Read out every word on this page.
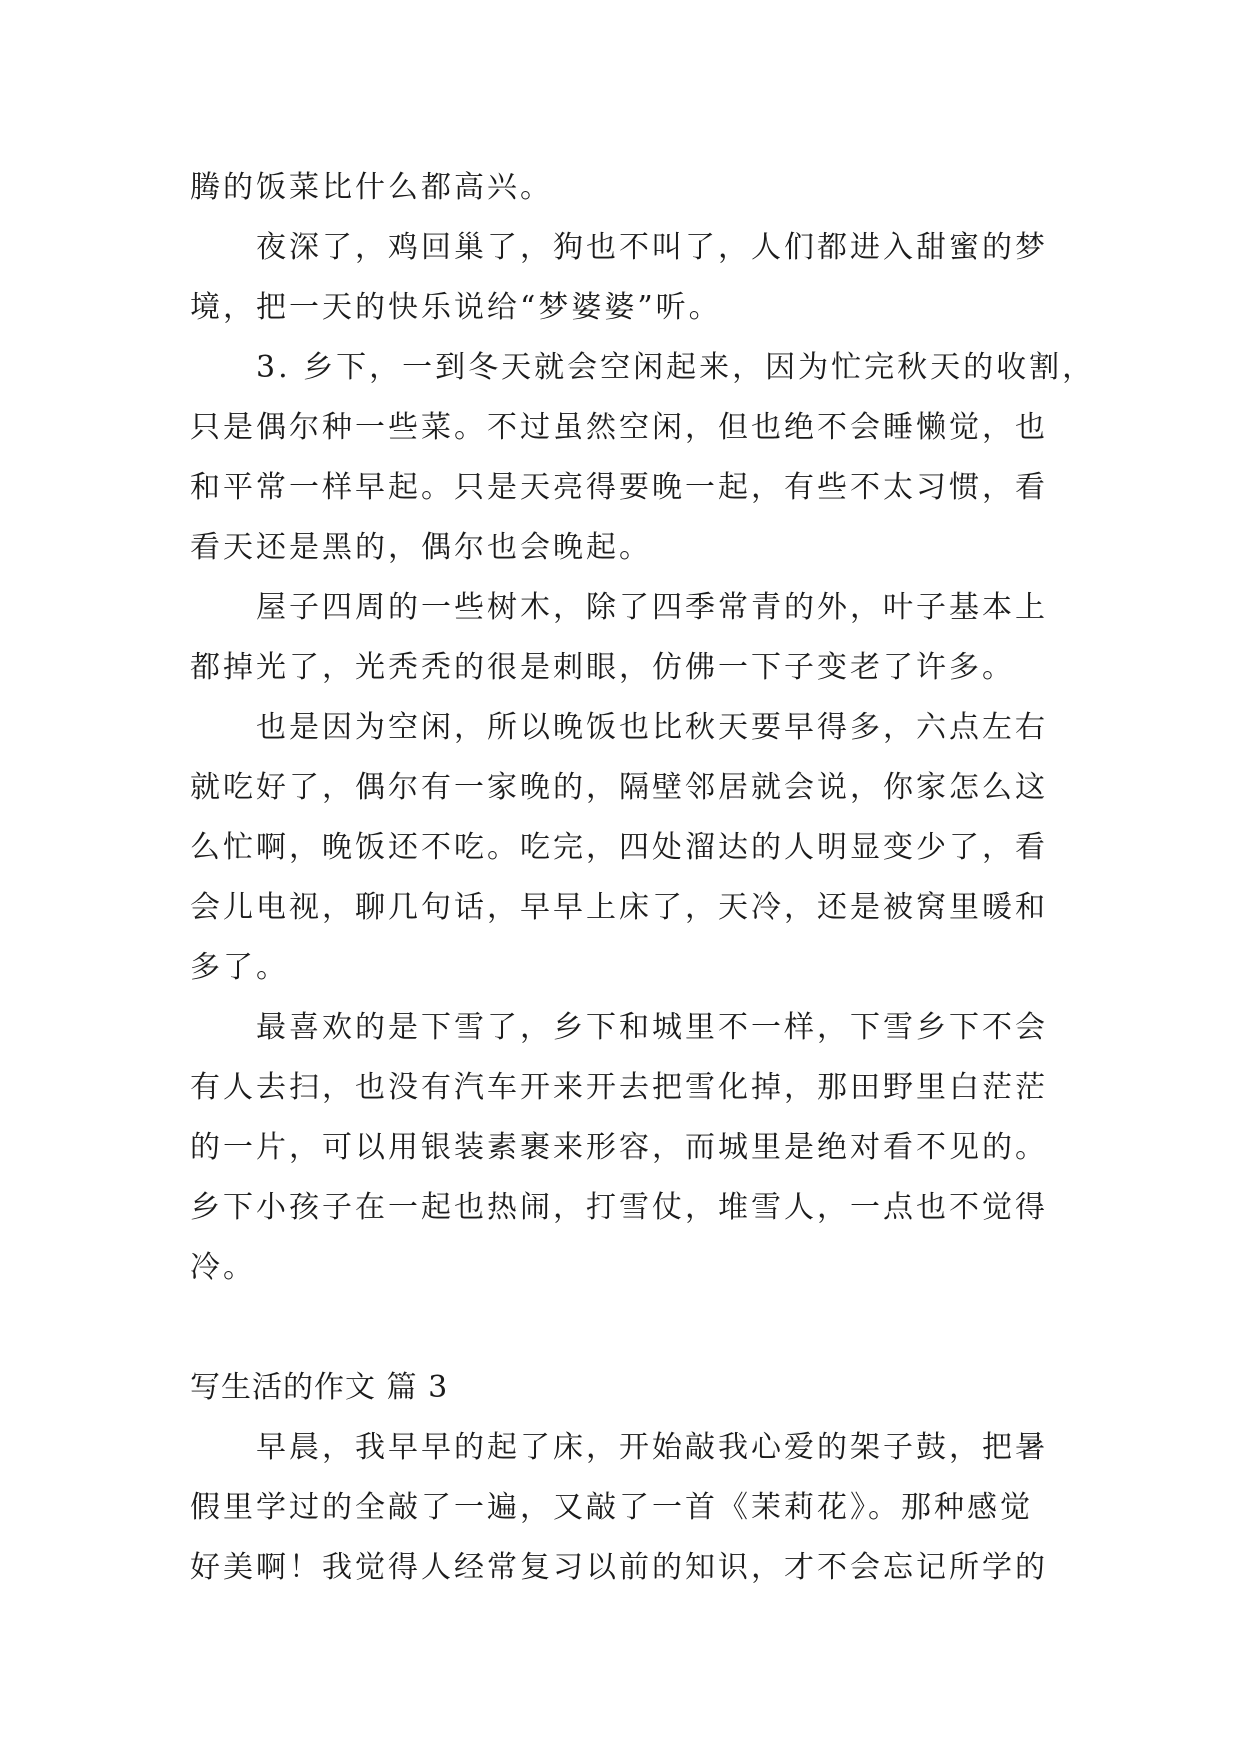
腾的饭菜比什么都高兴。
夜深了，鸡回巢了，狗也不叫了，人们都进入甜蜜的梦
境，把一天的快乐说给“梦婆婆”听。
3. 乡下，一到冬天就会空闲起来，因为忙完秋天的收割，
只是偶尔种一些菜。不过虽然空闲，但也绝不会睡懒觉，也
和平常一样早起。只是天亮得要晚一起，有些不太习惯，看
看天还是黑的，偶尔也会晚起。
屋子四周的一些树木，除了四季常青的外，叶子基本上
都掉光了，光秃秃的很是刺眼，仿佛一下子变老了许多。
也是因为空闲，所以晚饭也比秋天要早得多，六点左右
就吃好了，偶尔有一家晚的，隔壁邻居就会说，你家怎么这
么忙啊，晚饭还不吃。吃完，四处溜达的人明显变少了，看
会儿电视，聊几句话，早早上床了，天冷，还是被窝里暖和
多了。
最喜欢的是下雪了，乡下和城里不一样，下雪乡下不会
有人去扫，也没有汽车开来开去把雪化掉，那田野里白茫茫
的一片，可以用银装素裹来形容，而城里是绝对看不见的。
乡下小孩子在一起也热闹，打雪仗，堆雪人，一点也不觉得
冷。
写生活的作文 篇 3
早晨，我早早的起了床，开始敲我心爱的架子鼓，把暑
假里学过的全敲了一遍，又敲了一首《茉莉花》。那种感觉
好美啊！我觉得人经常复习以前的知识，才不会忘记所学的
